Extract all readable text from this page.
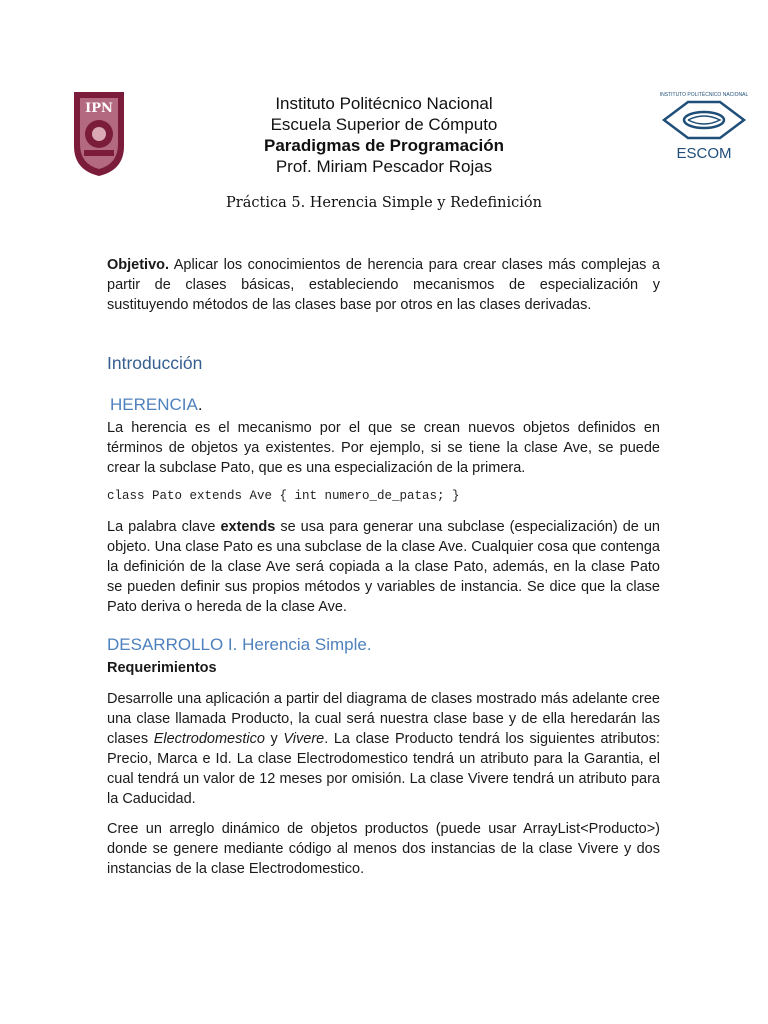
IPN
INSTITUTO POLITÉCNICO NACIONAL
ESCOM
Instituto Politécnico Nacional
Escuela Superior de Cómputo
Paradigmas de Programación
Prof. Miriam Pescador Rojas
Práctica 5. Herencia Simple y Redefinición
Objetivo. Aplicar los conocimientos de herencia para crear clases más complejas a partir de clases básicas, estableciendo mecanismos de especialización y sustituyendo métodos de las clases base por otros en las clases derivadas.
Introducción
HERENCIA.
La herencia es el mecanismo por el que se crean nuevos objetos definidos en términos de objetos ya existentes. Por ejemplo, si se tiene la clase Ave, se puede crear la subclase Pato, que es una especialización de la primera.
class Pato extends Ave { int numero_de_patas; }
La palabra clave extends se usa para generar una subclase (especialización) de un objeto. Una clase Pato es una subclase de la clase Ave. Cualquier cosa que contenga la definición de la clase Ave será copiada a la clase Pato, además, en la clase Pato se pueden definir sus propios métodos y variables de instancia. Se dice que la clase Pato deriva o hereda de la clase Ave.
DESARROLLO I. Herencia Simple.
Requerimientos
Desarrolle una aplicación a partir del diagrama de clases mostrado más adelante cree una clase llamada Producto, la cual será nuestra clase base y de ella heredarán las clases Electrodomestico y Vivere. La clase Producto tendrá los siguientes atributos: Precio, Marca e Id. La clase Electrodomestico tendrá un atributo para la Garantia, el cual tendrá un valor de 12 meses por omisión. La clase Vivere tendrá un atributo para la Caducidad.
Cree un arreglo dinámico de objetos productos (puede usar ArrayList<Producto>) donde se genere mediante código al menos dos instancias de la clase Vivere y dos instancias de la clase Electrodomestico.
